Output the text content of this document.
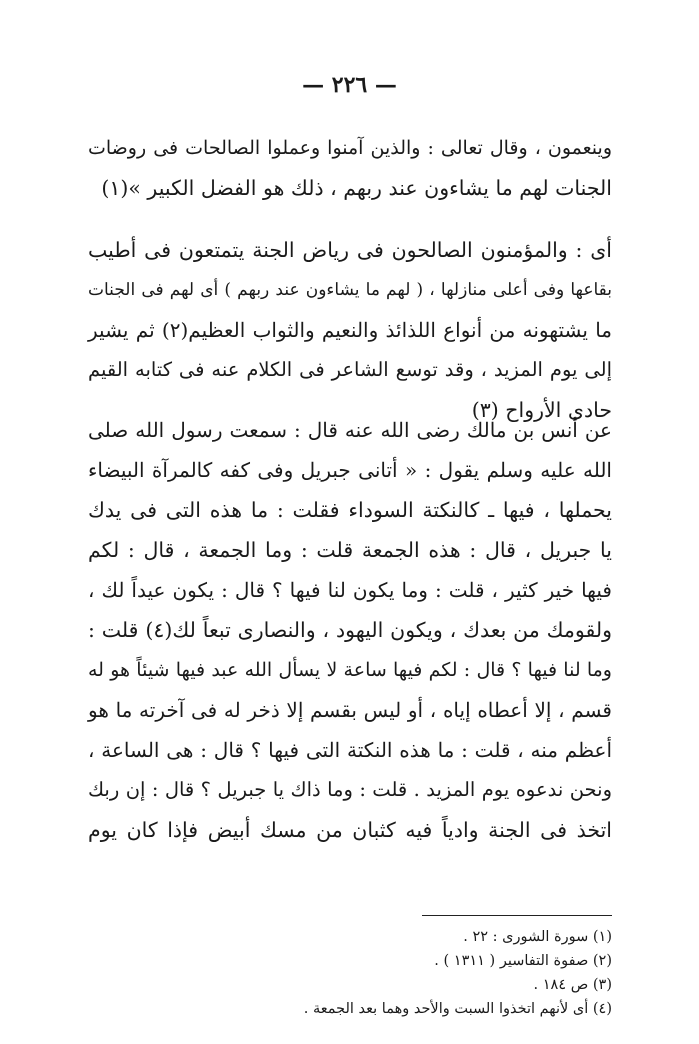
— ٢٢٦ —
وينعمون ، وقال تعالى : والذين آمنوا وعملوا الصالحات فى روضات
الجنات لهم ما يشاءون عند ربهم ، ذلك هو الفضل الكبير »(١)
أى : والمؤمنون الصالحون فى رياض الجنة يتمتعون فى أطيب
بقاعها وفى أعلى منازلها ، ( لهم ما يشاءون عند ربهم ) أى لهم فى الجنات
ما يشتهونه من أنواع اللذائذ والنعيم والثواب العظيم(٢) ثم يشير
إلى يوم المزيد ، وقد توسع الشاعر فى الكلام عنه فى كتابه القيم
حادى الأرواح (٣)
عن أنس بن مالك رضى الله عنه قال : سمعت رسول الله صلى
الله عليه وسلم يقول : « أتانى جبريل وفى كفه كالمرآة البيضاء
يحملها ، فيها ـ كالنكتة السوداء فقلت : ما هذه التى فى يدك
يا جبريل ، قال : هذه الجمعة قلت : وما الجمعة ، قال : لكم
فيها خير كثير ، قلت : وما يكون لنا فيها ؟ قال : يكون عيداً لك ،
ولقومك من بعدك ، ويكون اليهود ، والنصارى تبعاً لك(٤) قلت :
وما لنا فيها ؟ قال : لكم فيها ساعة لا يسأل الله عبد فيها شيئاً هو له
قسم ، إلا أعطاه إياه ، أو ليس بقسم إلا ذخر له فى آخرته ما هو
أعظم منه ، قلت : ما هذه النكتة التى فيها ؟ قال : هى الساعة ،
ونحن ندعوه يوم المزيد . قلت : وما ذاك يا جبريل ؟ قال : إن ربك
اتخذ فى الجنة وادياً فيه كثبان من مسك أبيض فإذا كان يوم
(١) سورة الشورى : ٢٢ .
(٢) صفوة التفاسير ( ١٣١١ ) .
(٣) ص ١٨٤ .
(٤) أى لأنهم اتخذوا السبت والأحد وهما بعد الجمعة .
